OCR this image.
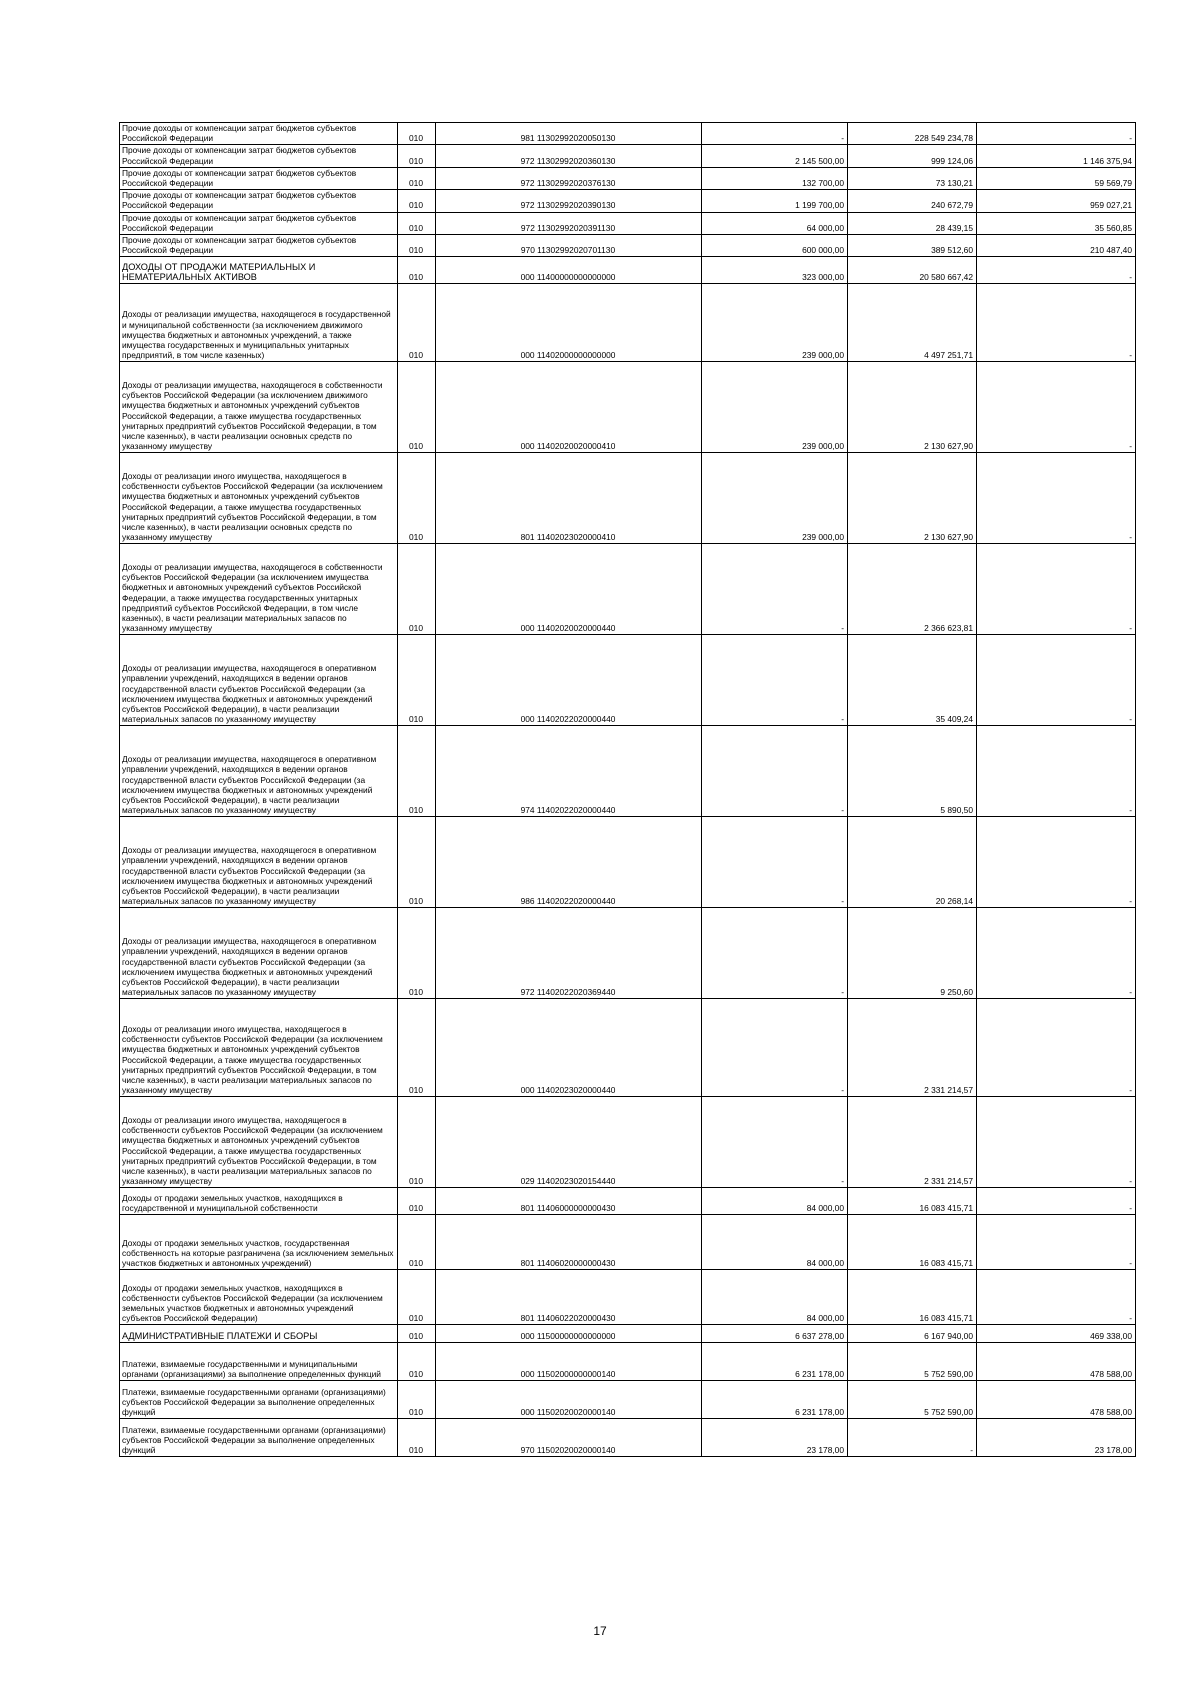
Прочие доходы от компенсации затрат бюджетов субъектов Российской Федерации	010	981 11302992020050130	-	228 549 234,78	-
Прочие доходы от компенсации затрат бюджетов субъектов Российской Федерации	010	972 11302992020360130	2 145 500,00	999 124,06	1 146 375,94
Прочие доходы от компенсации затрат бюджетов субъектов Российской Федерации	010	972 11302992020376130	132 700,00	73 130,21	59 569,79
Прочие доходы от компенсации затрат бюджетов субъектов Российской Федерации	010	972 11302992020390130	1 199 700,00	240 672,79	959 027,21
Прочие доходы от компенсации затрат бюджетов субъектов Российской Федерации	010	972 11302992020391130	64 000,00	28 439,15	35 560,85
Прочие доходы от компенсации затрат бюджетов субъектов Российской Федерации	010	970 11302992020701130	600 000,00	389 512,60	210 487,40
ДОХОДЫ ОТ ПРОДАЖИ МАТЕРИАЛЬНЫХ И НЕМАТЕРИАЛЬНЫХ АКТИВОВ	010	000 11400000000000000	323 000,00	20 580 667,42	-
Доходы от реализации имущества, находящегося в государственной и муниципальной собственности (за исключением движимого имущества бюджетных и автономных учреждений, а также имущества государственных и муниципальных унитарных предприятий, в том числе казенных)	010	000 11402000000000000	239 000,00	4 497 251,71	-
Доходы от реализации имущества, находящегося в собственности субъектов Российской Федерации (за исключением движимого имущества бюджетных и автономных учреждений субъектов Российской Федерации, а также имущества государственных унитарных предприятий субъектов Российской Федерации, в том числе казенных), в части реализации основных средств по указанному имуществу	010	000 11402020020000410	239 000,00	2 130 627,90	-
Доходы от реализации иного имущества, находящегося в собственности субъектов Российской Федерации (за исключением имущества бюджетных и автономных учреждений субъектов Российской Федерации, а также имущества государственных унитарных предприятий субъектов Российской Федерации, в том числе казенных), в части реализации основных средств по указанному имуществу	010	801 11402023020000410	239 000,00	2 130 627,90	-
Доходы от реализации имущества, находящегося в собственности субъектов Российской Федерации (за исключением имущества бюджетных и автономных учреждений субъектов Российской Федерации, а также имущества государственных унитарных предприятий субъектов Российской Федерации, в том числе казенных), в части реализации материальных запасов по указанному имуществу	010	000 11402020020000440	-	2 366 623,81	-
Доходы от реализации имущества, находящегося в оперативном управлении учреждений, находящихся в ведении органов государственной власти субъектов Российской Федерации (за исключением имущества бюджетных и автономных учреждений субъектов Российской Федерации), в части реализации материальных запасов по указанному имуществу	010	000 11402022020000440	-	35 409,24	-
Доходы от реализации имущества, находящегося в оперативном управлении учреждений, находящихся в ведении органов государственной власти субъектов Российской Федерации (за исключением имущества бюджетных и автономных учреждений субъектов Российской Федерации), в части реализации материальных запасов по указанному имуществу	010	974 11402022020000440	-	5 890,50	-
Доходы от реализации имущества, находящегося в оперативном управлении учреждений, находящихся в ведении органов государственной власти субъектов Российской Федерации (за исключением имущества бюджетных и автономных учреждений субъектов Российской Федерации), в части реализации материальных запасов по указанному имуществу	010	986 11402022020000440	-	20 268,14	-
Доходы от реализации имущества, находящегося в оперативном управлении учреждений, находящихся в ведении органов государственной власти субъектов Российской Федерации (за исключением имущества бюджетных и автономных учреждений субъектов Российской Федерации), в части реализации материальных запасов по указанному имуществу	010	972 11402022020369440	-	9 250,60	-
Доходы от реализации иного имущества, находящегося в собственности субъектов Российской Федерации (за исключением имущества бюджетных и автономных учреждений субъектов Российской Федерации, а также имущества государственных унитарных предприятий субъектов Российской Федерации, в том числе казенных), в части реализации материальных запасов по указанному имуществу	010	000 11402023020000440	-	2 331 214,57	-
Доходы от реализации иного имущества, находящегося в собственности субъектов Российской Федерации (за исключением имущества бюджетных и автономных учреждений субъектов Российской Федерации, а также имущества государственных унитарных предприятий субъектов Российской Федерации, в том числе казенных), в части реализации материальных запасов по указанному имуществу	010	029 11402023020154440	-	2 331 214,57	-
Доходы от продажи земельных участков, находящихся в государственной и муниципальной собственности	010	801 11406000000000430	84 000,00	16 083 415,71	-
Доходы от продажи земельных участков, государственная собственность на которые разграничена (за исключением земельных участков бюджетных и автономных учреждений)	010	801 11406020000000430	84 000,00	16 083 415,71	-
Доходы от продажи земельных участков, находящихся в собственности субъектов Российской Федерации (за исключением земельных участков бюджетных и автономных учреждений субъектов Российской Федерации)	010	801 11406022020000430	84 000,00	16 083 415,71	-
АДМИНИСТРАТИВНЫЕ ПЛАТЕЖИ И СБОРЫ	010	000 11500000000000000	6 637 278,00	6 167 940,00	469 338,00
Платежи, взимаемые государственными и муниципальными органами (организациями) за выполнение определенных функций	010	000 11502000000000140	6 231 178,00	5 752 590,00	478 588,00
Платежи, взимаемые государственными органами (организациями) субъектов Российской Федерации за выполнение определенных функций	010	000 11502020020000140	6 231 178,00	5 752 590,00	478 588,00
Платежи, взимаемые государственными органами (организациями) субъектов Российской Федерации за выполнение определенных функций	010	970 11502020020000140	23 178,00	-	23 178,00
17
